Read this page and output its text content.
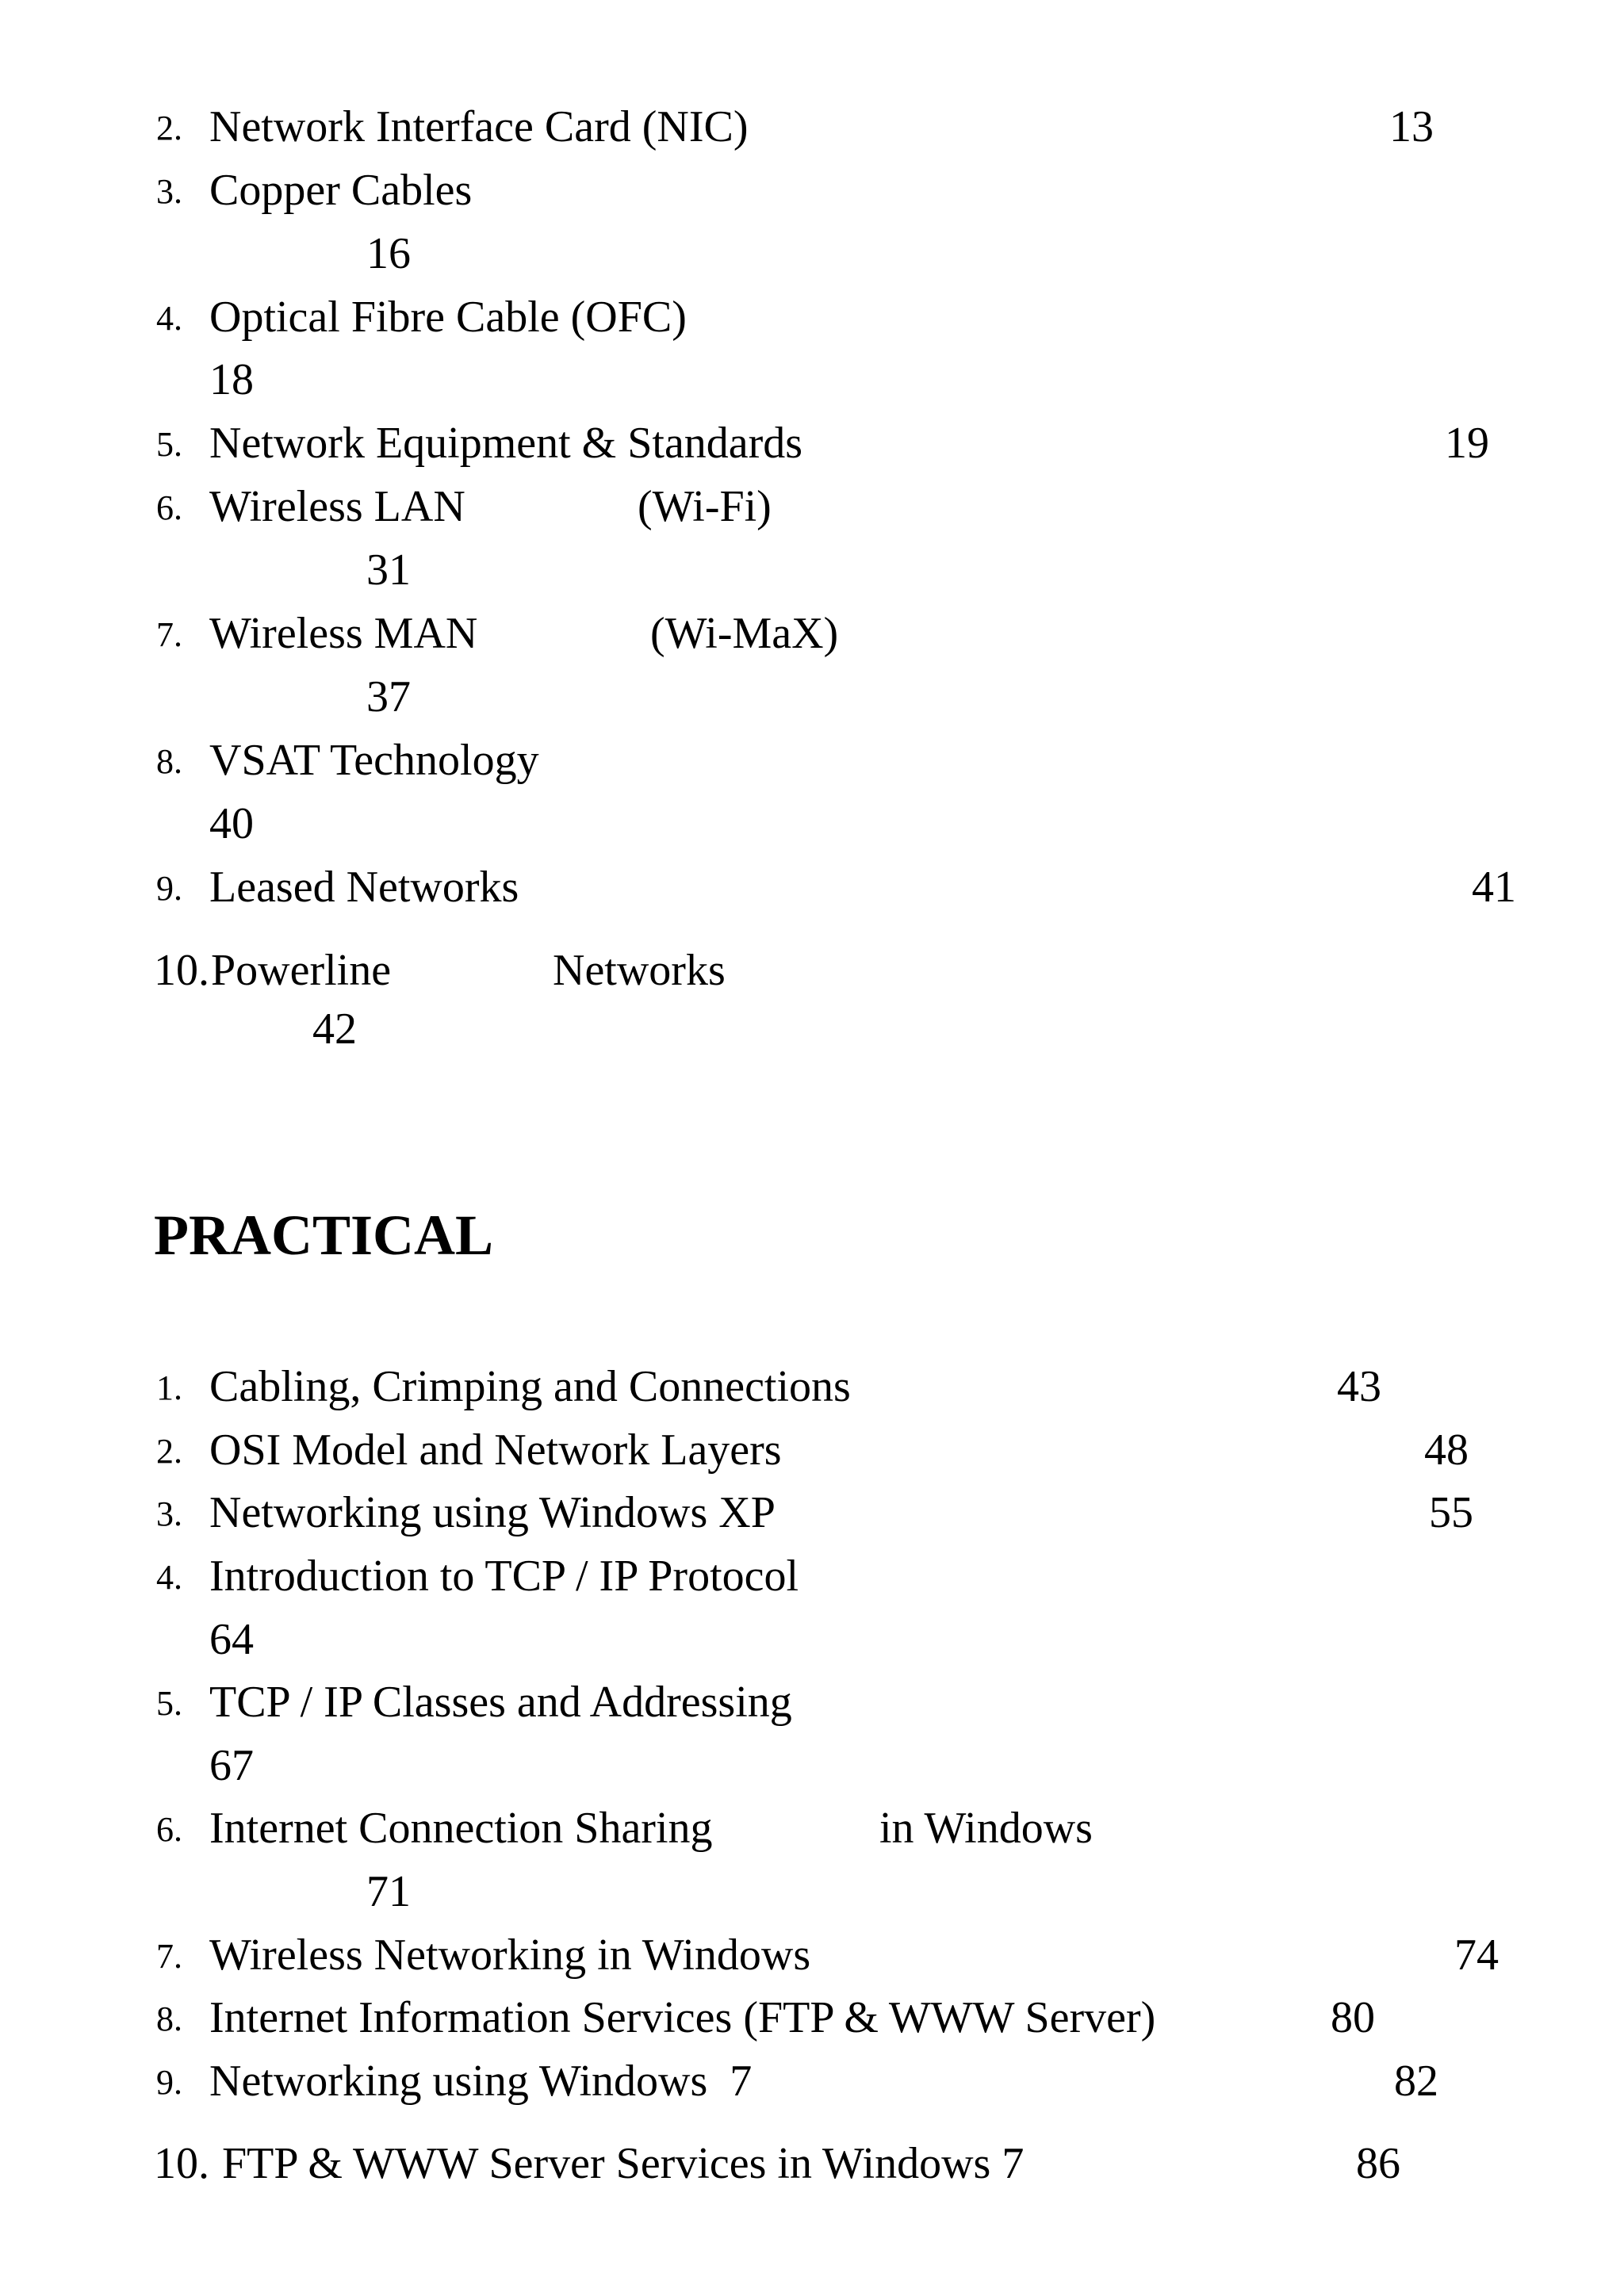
2. Network Interface Card (NIC)	13
3. Copper Cables
16
4. Optical Fibre Cable (OFC)
18
5. Network Equipment & Standards	19
6. Wireless LAN	(Wi-Fi)
31
7. Wireless MAN	(Wi-MaX)
37
8. VSAT Technology
40
9. Leased Networks	41
10. Powerline	Networks
42
PRACTICAL
1. Cabling, Crimping and Connections	43
2. OSI Model and Network Layers	48
3. Networking using Windows XP	55
4. Introduction to TCP / IP Protocol
64
5. TCP / IP Classes and Addressing
67
6. Internet Connection Sharing	in Windows
71
7. Wireless Networking in Windows	74
8. Internet Information Services (FTP & WWW Server)	80
9. Networking using Windows  7	82
10. FTP & WWW Server Services in Windows 7	86
